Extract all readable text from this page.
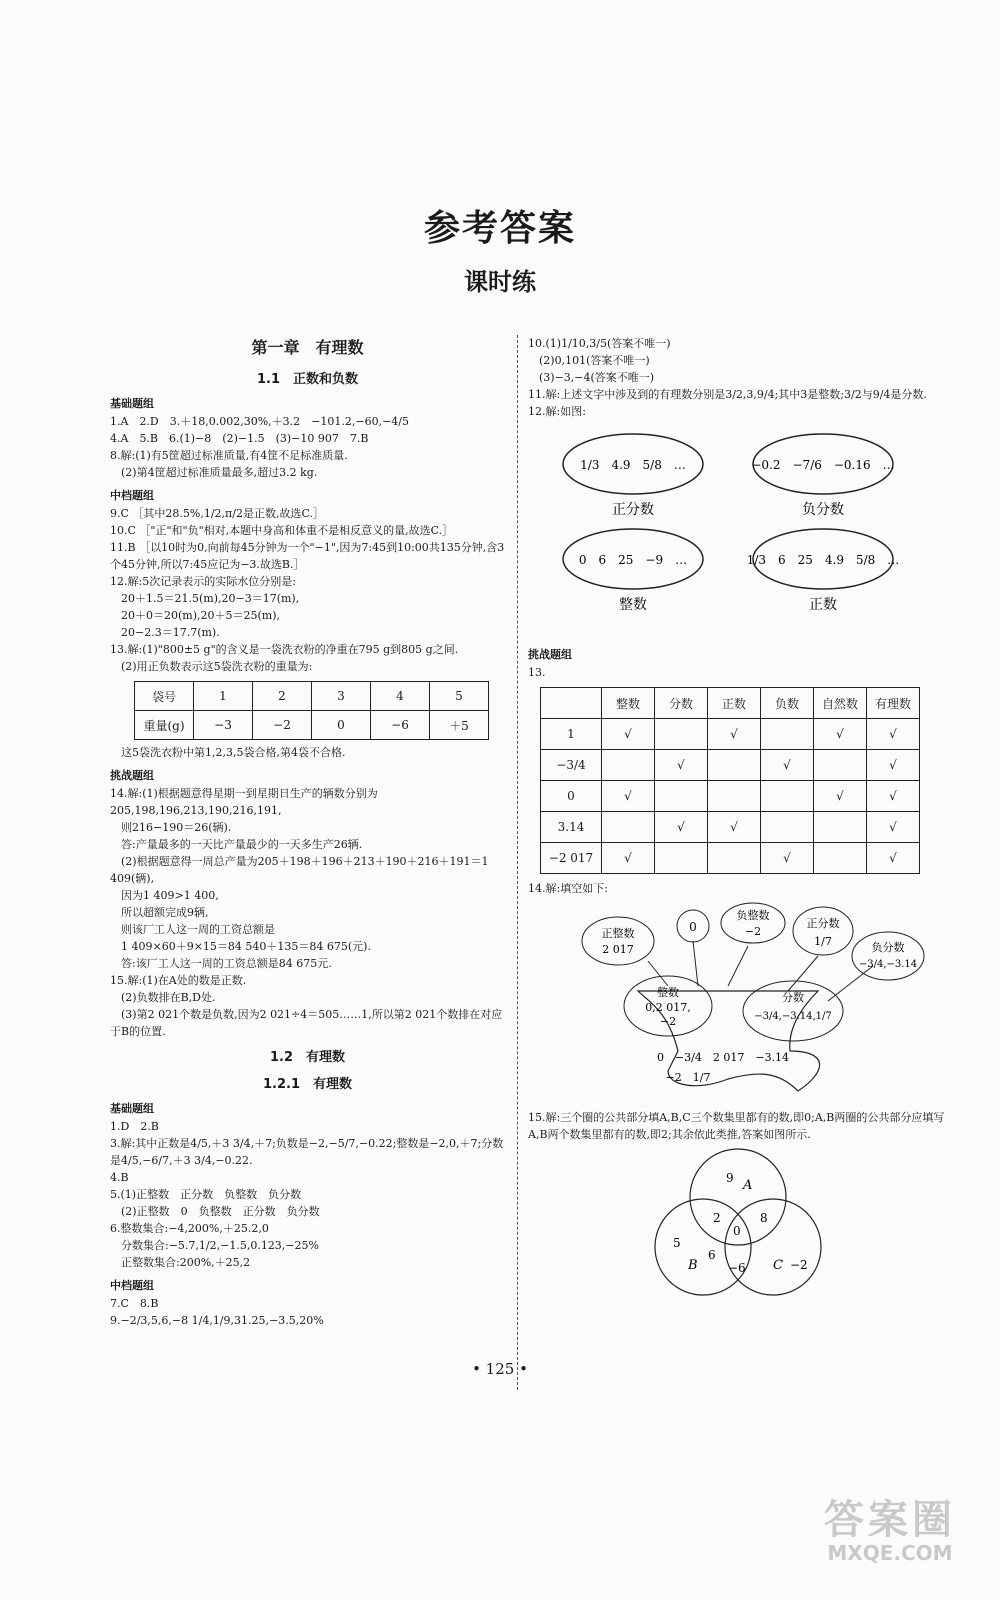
参考答案
课时练
第一章　有理数
1.1　正数和负数
基础题组
1.A　2.D　3.＋18,0.002,30%,＋3.2　−101.2,−60,−4/5
4.A　5.B　6.(1)−8　(2)−1.5　(3)−10 907　7.B
8.解:(1)有5筐超过标准质量,有4筐不足标准质量.
　(2)第4筐超过标准质量最多,超过3.2 kg.
中档题组
9.C ［其中28.5%,1/2,π/2是正数,故选C.］
10.C ［"正"和"负"相对,本题中身高和体重不是相反意义的量,故选C.］
11.B ［以10时为0,向前每45分钟为一个"−1",因为7:45到10:00共135分钟,含3个45分钟,所以7:45应记为−3.故选B.］
12.解:5次记录表示的实际水位分别是:
　20＋1.5＝21.5(m),20−3＝17(m),
　20＋0＝20(m),20＋5＝25(m),
　20−2.3＝17.7(m).
13.解:(1)"800±5 g"的含义是一袋洗衣粉的净重在795 g到805 g之间.
　(2)用正负数表示这5袋洗衣粉的重量为:
袋号	1	2	3	4	5
重量(g)	−3	−2	0	−6	＋5
　这5袋洗衣粉中第1,2,3,5袋合格,第4袋不合格.
挑战题组
14.解:(1)根据题意得星期一到星期日生产的辆数分别为205,198,196,213,190,216,191,
　则216−190＝26(辆).
　答:产量最多的一天比产量最少的一天多生产26辆.
　(2)根据题意得一周总产量为205＋198＋196＋213＋190＋216＋191＝1 409(辆),
　因为1 409>1 400,
　所以超额完成9辆,
　则该厂工人这一周的工资总额是
　1 409×60＋9×15＝84 540＋135＝84 675(元).
　答:该厂工人这一周的工资总额是84 675元.
15.解:(1)在A处的数是正数.
　(2)负数排在B,D处.
　(3)第2 021个数是负数,因为2 021÷4＝505……1,所以第2 021个数排在对应于B的位置.
1.2　有理数
1.2.1　有理数
基础题组
1.D　2.B
3.解:其中正数是4/5,＋3 3/4,＋7;负数是−2,−5/7,−0.22;整数是−2,0,＋7;分数是4/5,−6/7,＋3 3/4,−0.22.
4.B
5.(1)正整数　正分数　负整数　负分数
　(2)正整数　0　负整数　正分数　负分数
6.整数集合:−4,200%,＋25.2,0
　分数集合:−5.7,1/2,−1.5,0.123,−25%
　正整数集合:200%,＋25,2
中档题组
7.C　8.B
9.−2/3,5,6,−8 1/4,1/9,31.25,−3.5,20%
10.(1)1/10,3/5(答案不唯一)
　(2)0,101(答案不唯一)
　(3)−3,−4(答案不唯一)
11.解:上述文字中涉及到的有理数分别是3/2,3,9/4;其中3是整数;3/2与9/4是分数.
12.解:如图:
1/3　4.9　5/8　…
正分数
−0.2　−7/6　−0.16　…
负分数
0　6　25　−9　…
整数
1/3　6　25　4.9　5/8　…
正数
挑战题组
13.
	整数	分数	正数	负数	自然数	有理数
1	√		√		√	√
−3/4		√		√		√
0	√				√	√
3.14		√	√			√
−2 017	√			√		√
14.解:填空如下:
正整数
2 017
0
负整数
−2
正分数
1/7	负分数
−3/4,−3.14
整数
0,2 017,
−2
分数
−3/4,−3.14,1/7
0　−3/4　2 017　−3.14
−2　1/7
15.解:三个圈的公共部分填A,B,C三个数集里都有的数,即0;A,B两圈的公共部分应填写A,B两个数集里都有的数,即2;其余依此类推,答案如图所示.
9 A
2
0
8
5
B
6
−6 C −2
• 125 •
答案圈
MXQE.COM
